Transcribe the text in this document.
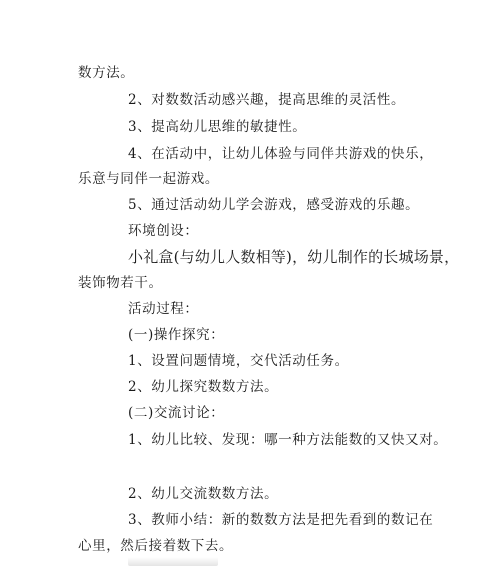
数方法。
2、对数数活动感兴趣，提高思维的灵活性。
3、提高幼儿思维的敏捷性。
4、在活动中，让幼儿体验与同伴共游戏的快乐，
乐意与同伴一起游戏。
5、通过活动幼儿学会游戏，感受游戏的乐趣。
环境创设：
小礼盒(与幼儿人数相等)，幼儿制作的长城场景，
装饰物若干。
活动过程：
(一)操作探究：
1、设置问题情境，交代活动任务。
2、幼儿探究数数方法。
(二)交流讨论：
1、幼儿比较、发现：哪一种方法能数的又快又对。
2、幼儿交流数数方法。
3、教师小结：新的数数方法是把先看到的数记在
心里，然后接着数下去。
